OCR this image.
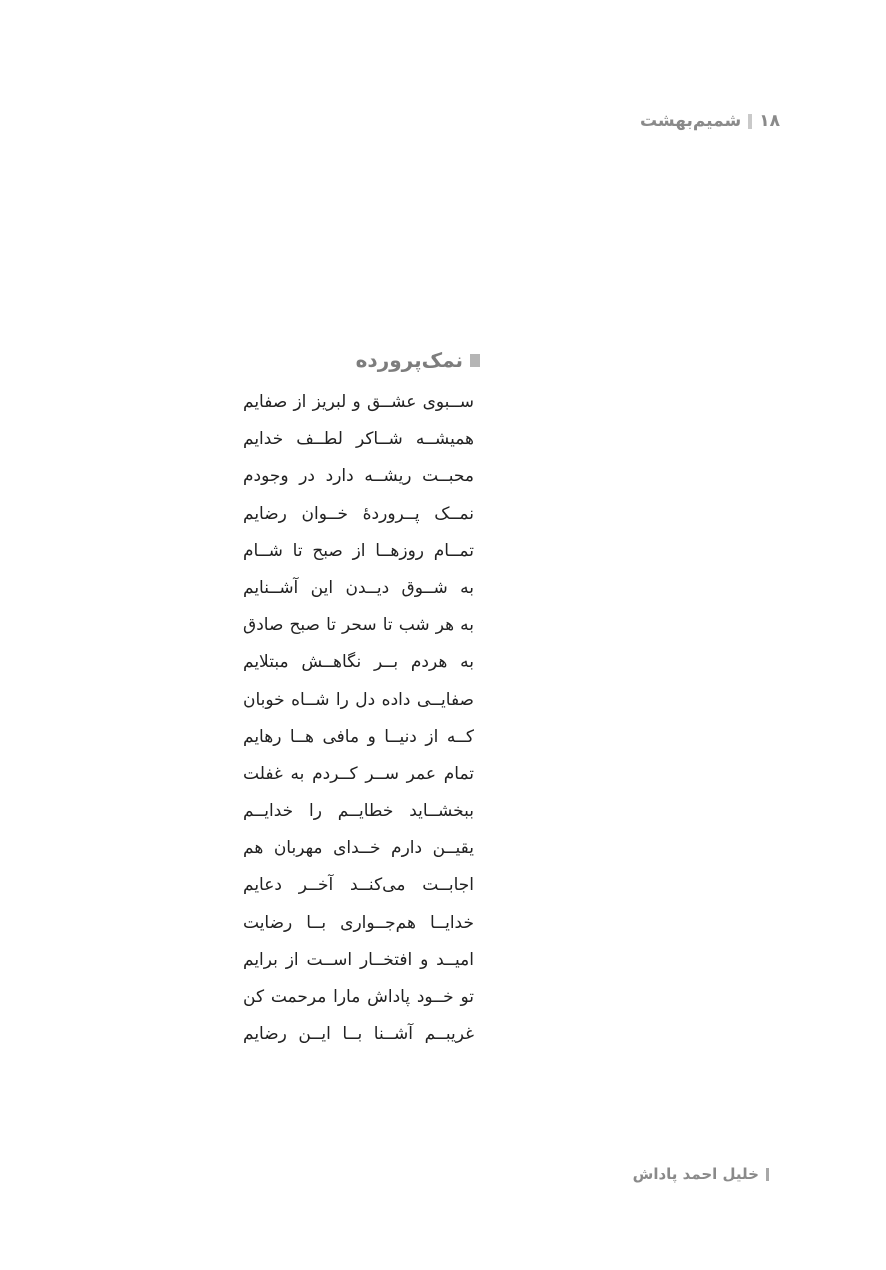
۱۸
شمیم‌بهشت
نمک‌پرورده
ســبوی عشــق و لبریز از صفایم
همیشــه شــاکر لطــف خدایم
محبــت ریشــه دارد در وجودم
نمــک پــروردهٔ خــوان رضایم
تمــام روزهــا از صبح تا شــام
به شــوق دیــدن این آشــنایم
به هر شب تا سحر تا صبح صادق
به هردم بــر نگاهــش مبتلایم
صفایــی داده دل را شــاه خوبان
کــه از دنیــا و مافی هــا رهایم
تمام عمر ســر کــردم به غفلت
ببخشــاید خطایــم را خدایــم
یقیــن دارم خــدای مهربان هم
اجابــت می‌کنــد آخــر دعایم
خدایــا هم‌جــواری بــا رضایت
امیــد و افتخــار اســت از برایم
تو خــود پاداش مارا مرحمت کن
غریبــم آشــنا بــا ایــن رضایم
خلیل احمد پاداش
